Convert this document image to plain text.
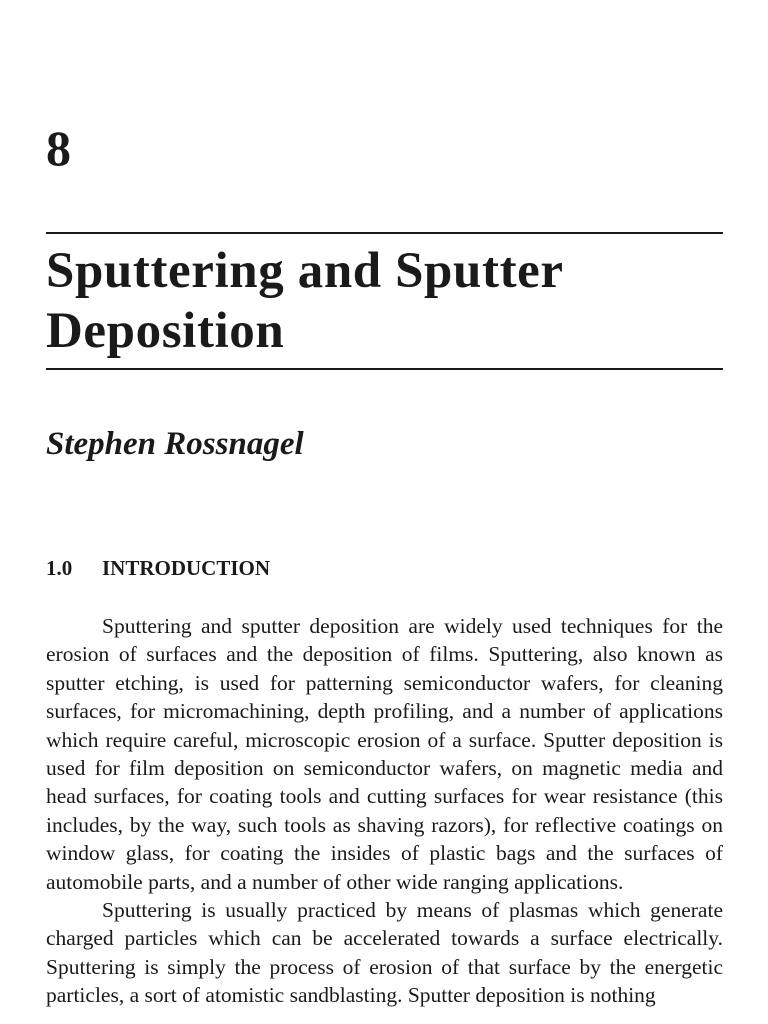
8
Sputtering and Sputter Deposition
Stephen Rossnagel
1.0 INTRODUCTION

Sputtering and sputter deposition are widely used techniques for the erosion of surfaces and the deposition of films. Sputtering, also known as sputter etching, is used for patterning semiconductor wafers, for cleaning surfaces, for micromachining, depth profiling, and a number of applications which require careful, microscopic erosion of a surface. Sputter deposition is used for film deposition on semiconductor wafers, on magnetic media and head surfaces, for coating tools and cutting surfaces for wear resistance (this includes, by the way, such tools as shaving razors), for reflective coatings on window glass, for coating the insides of plastic bags and the surfaces of automobile parts, and a number of other wide ranging applications.

Sputtering is usually practiced by means of plasmas which generate charged particles which can be accelerated towards a surface electrically. Sputtering is simply the process of erosion of that surface by the energetic particles, a sort of atomistic sandblasting. Sputter deposition is nothing
